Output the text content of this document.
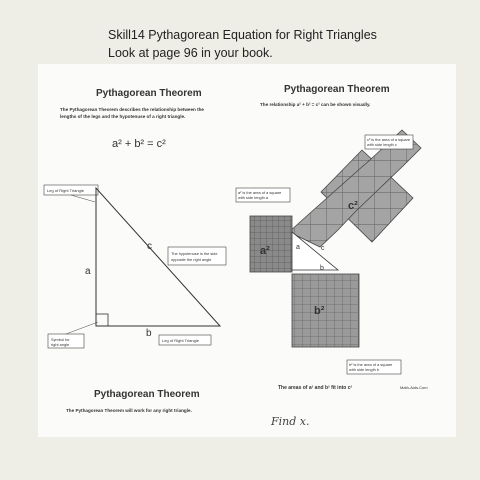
Skill14 Pythagorean Equation for Right Triangles
Look at page 96 in your book.
Pythagorean Theorem
The Pythagorean Theorem describes the relationship between the
lengths of the legs and the hypotenuse of a right triangle.
a² + b² = c²
Leg of Right Triangle
a
b
c
The hypotenuse is the side
opposite the right angle
Symbol for
right angle
Leg of Right Triangle
Pythagorean Theorem
The Pythagorean Theorem will work for any right triangle.
Pythagorean Theorem
The relationship a² + b² = c² can be shown visually.
c²
c² is the area of a square
with side length c
a²
a² is the area of a square
with side length a
a	c
b
b²
b² is the area of a square
with side length b
The areas of a² and b² fit into c²	Math-Aids.Com
Find x.
